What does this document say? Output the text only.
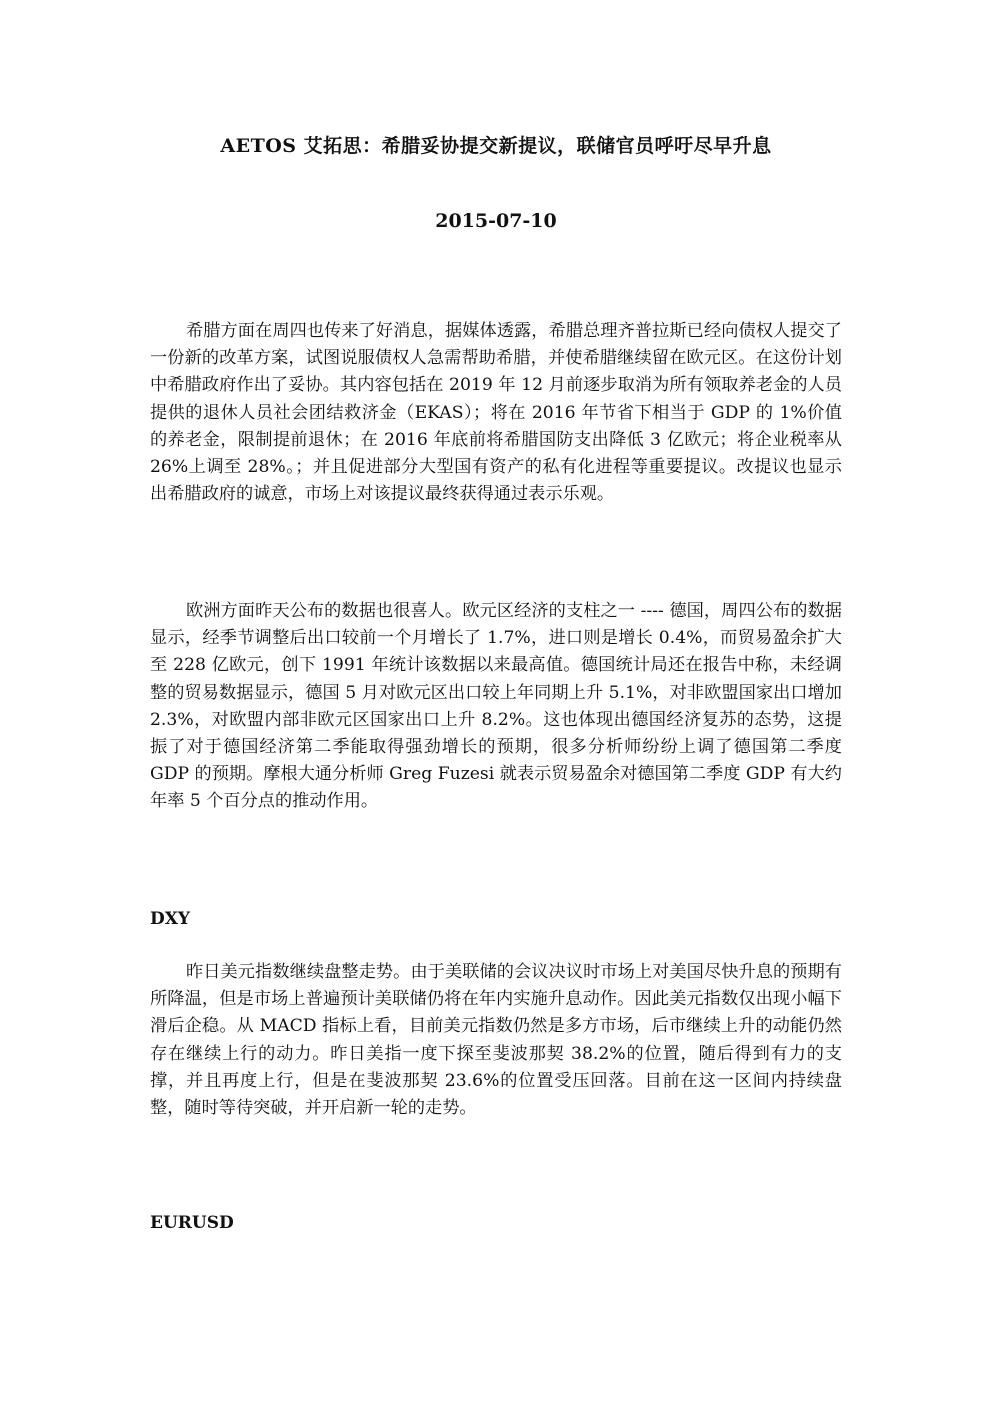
AETOS 艾拓思：希腊妥协提交新提议，联储官员呼吁尽早升息
2015-07-10

希腊方面在周四也传来了好消息，据媒体透露，希腊总理齐普拉斯已经向债权人提交了一份新的改革方案，试图说服债权人急需帮助希腊，并使希腊继续留在欧元区。在这份计划中希腊政府作出了妥协。其内容包括在 2019 年 12 月前逐步取消为所有领取养老金的人员提供的退休人员社会团结救济金（EKAS）；将在 2016 年节省下相当于 GDP 的 1%价值的养老金，限制提前退休；在 2016 年底前将希腊国防支出降低 3 亿欧元；将企业税率从 26%上调至 28%。；并且促进部分大型国有资产的私有化进程等重要提议。改提议也显示出希腊政府的诚意，市场上对该提议最终获得通过表示乐观。

欧洲方面昨天公布的数据也很喜人。欧元区经济的支柱之一 ---- 德国，周四公布的数据显示，经季节调整后出口较前一个月增长了 1.7%，进口则是增长 0.4%，而贸易盈余扩大至 228 亿欧元，创下 1991 年统计该数据以来最高值。德国统计局还在报告中称，未经调整的贸易数据显示，德国 5 月对欧元区出口较上年同期上升 5.1%，对非欧盟国家出口增加 2.3%，对欧盟内部非欧元区国家出口上升 8.2%。这也体现出德国经济复苏的态势，这提振了对于德国经济第二季能取得强劲增长的预期，很多分析师纷纷上调了德国第二季度 GDP 的预期。摩根大通分析师 Greg Fuzesi 就表示贸易盈余对德国第二季度 GDP 有大约年率 5 个百分点的推动作用。

DXY

昨日美元指数继续盘整走势。由于美联储的会议决议时市场上对美国尽快升息的预期有所降温，但是市场上普遍预计美联储仍将在年内实施升息动作。因此美元指数仅出现小幅下滑后企稳。从 MACD 指标上看，目前美元指数仍然是多方市场，后市继续上升的动能仍然存在继续上行的动力。昨日美指一度下探至斐波那契 38.2%的位置，随后得到有力的支撑，并且再度上行，但是在斐波那契 23.6%的位置受压回落。目前在这一区间内持续盘整，随时等待突破，并开启新一轮的走势。

EURUSD
